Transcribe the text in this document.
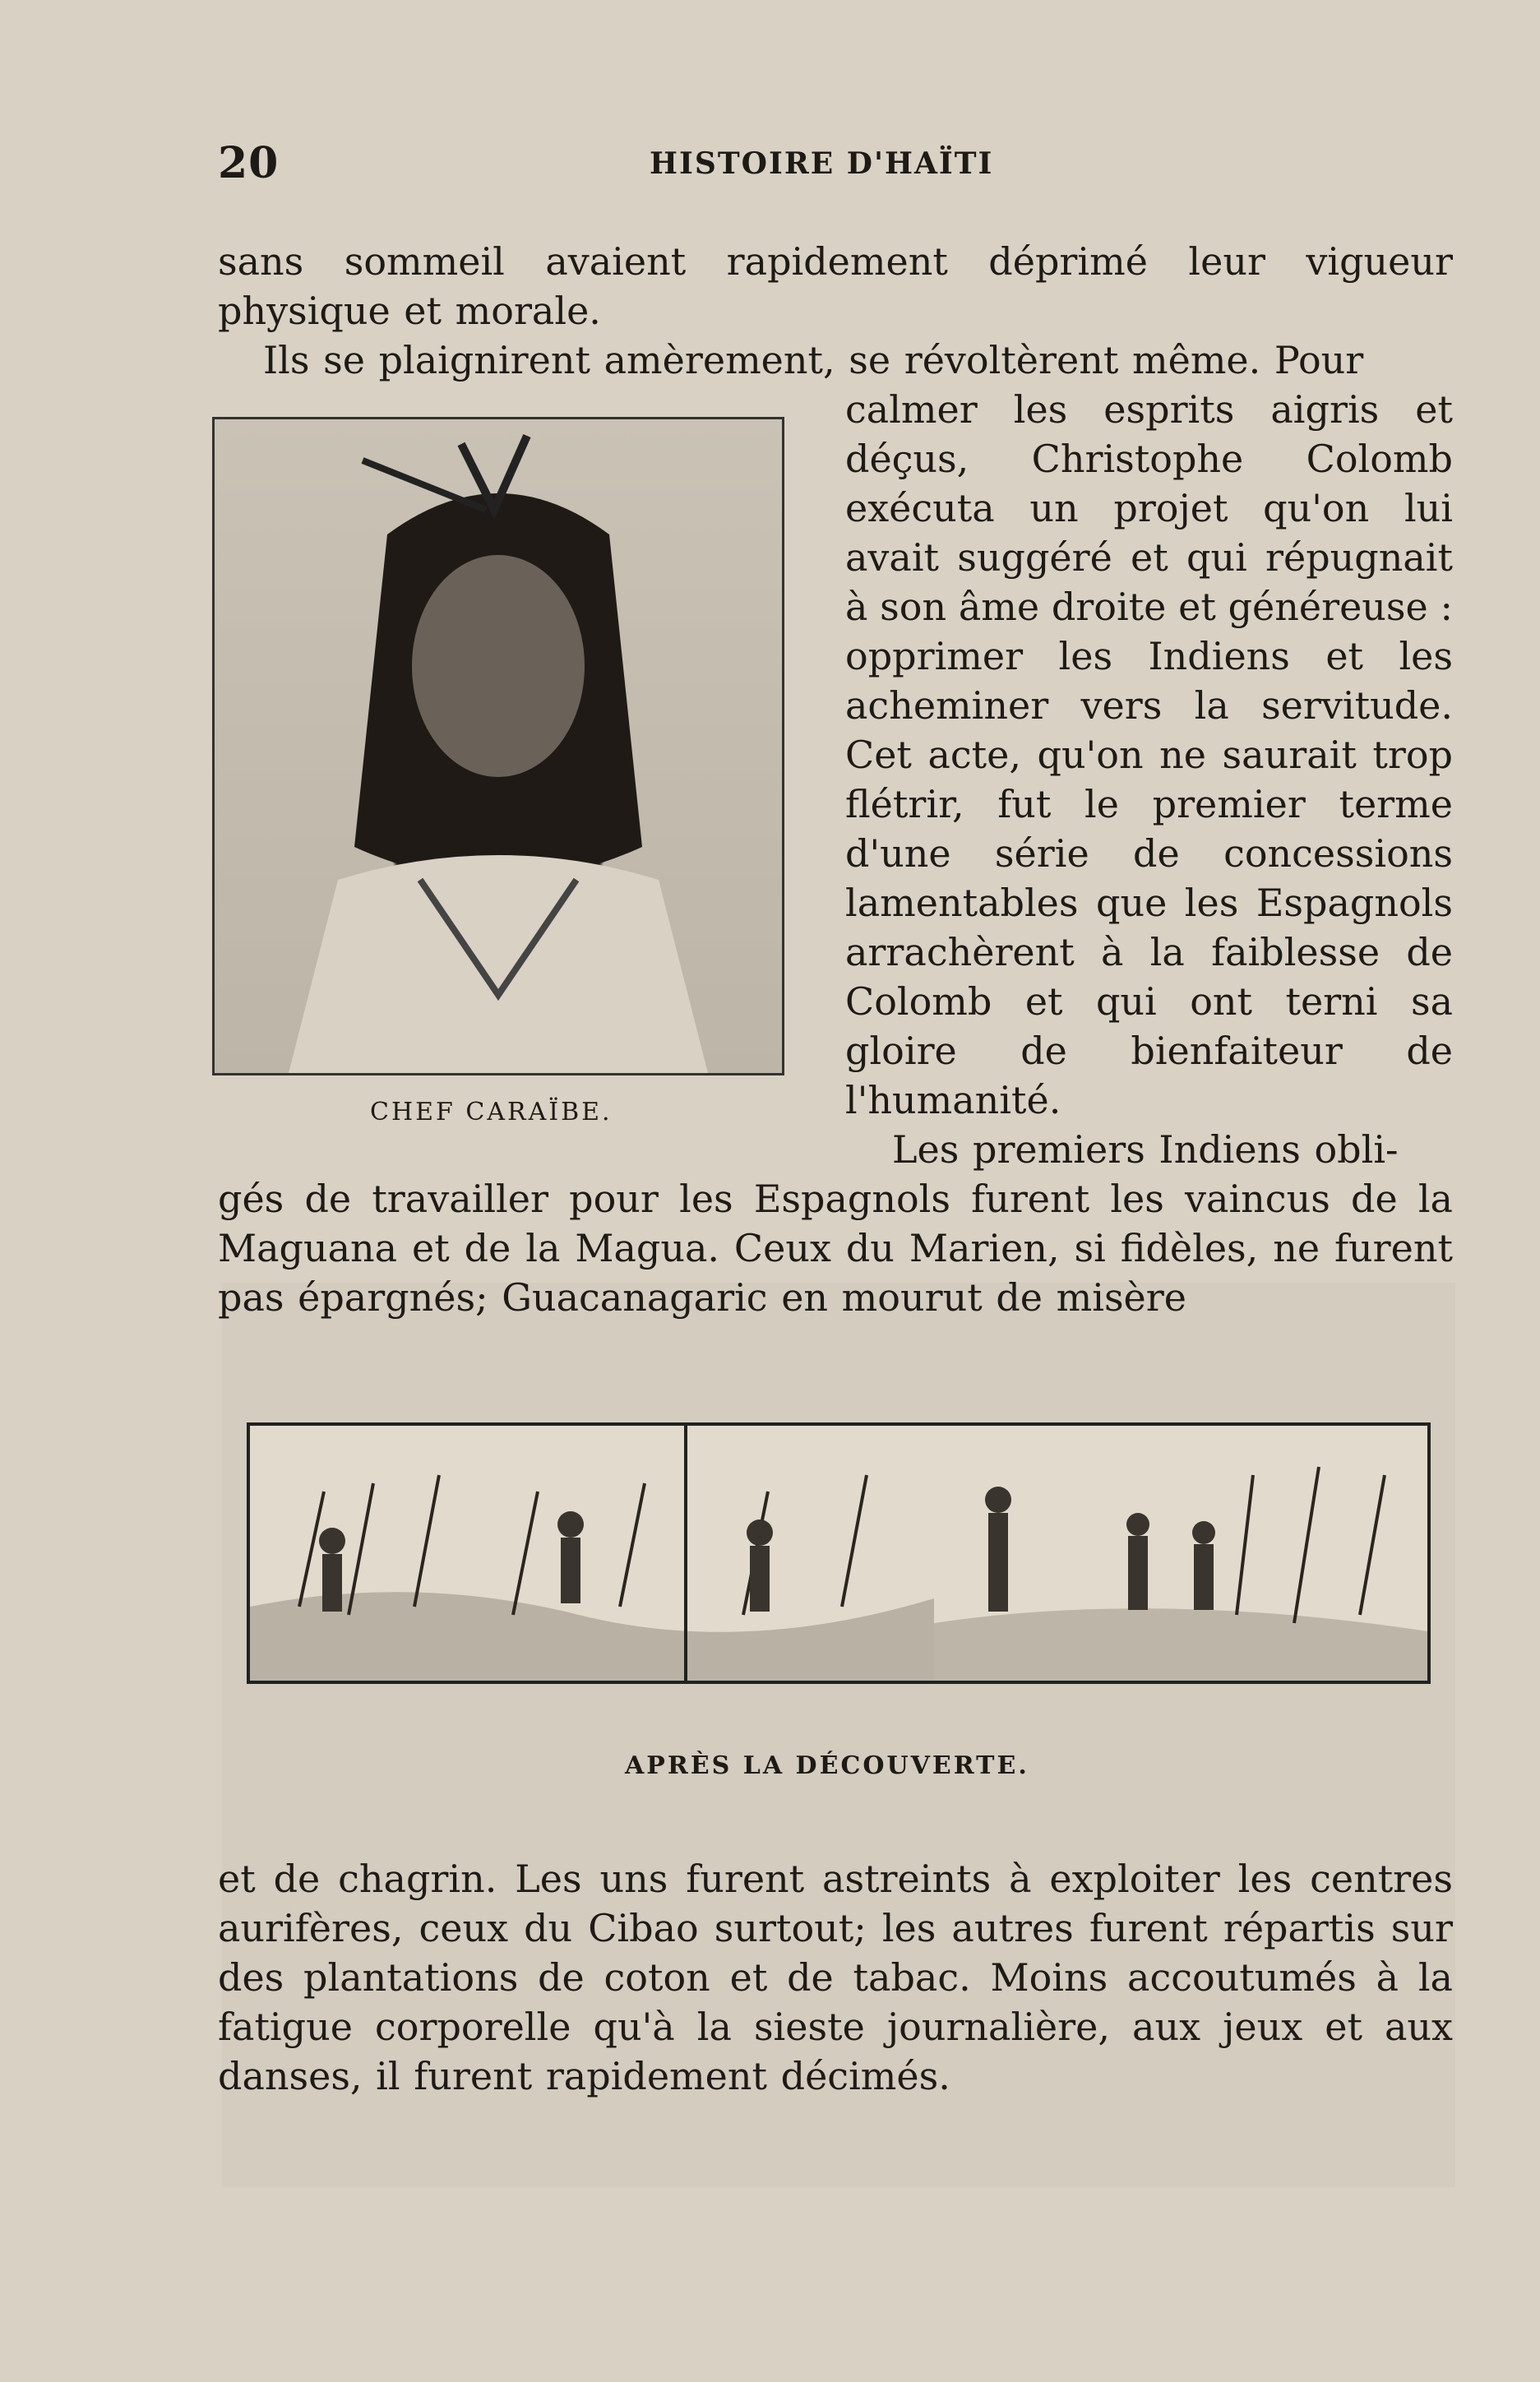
20	HISTOIRE D'HAÏTI

sans sommeil avaient rapidement déprimé leur vigueur physique et morale.

Ils se plaignirent amèrement, se révoltèrent même. Pour

CHEF CARAÏBE.
calmer les esprits aigris et déçus, Christophe Colomb exécuta un projet qu'on lui avait suggéré et qui répugnait à son âme droite et généreuse : opprimer les Indiens et les acheminer vers la servitude. Cet acte, qu'on ne saurait trop flétrir, fut le premier terme d'une série de concessions lamentables que les Espagnols arrachèrent à la faiblesse de Colomb et qui ont terni sa gloire de bienfaiteur de l'humanité.

Les premiers Indiens obli-

gés de travailler pour les Espagnols furent les vaincus de la Maguana et de la Magua. Ceux du Marien, si fidèles, ne furent pas épargnés; Guacanagaric en mourut de misère

APRÈS LA DÉCOUVERTE.
et de chagrin. Les uns furent astreints à exploiter les centres aurifères, ceux du Cibao surtout; les autres furent répartis sur des plantations de coton et de tabac. Moins accoutumés à la fatigue corporelle qu'à la sieste journalière, aux jeux et aux danses, il furent rapidement décimés.
